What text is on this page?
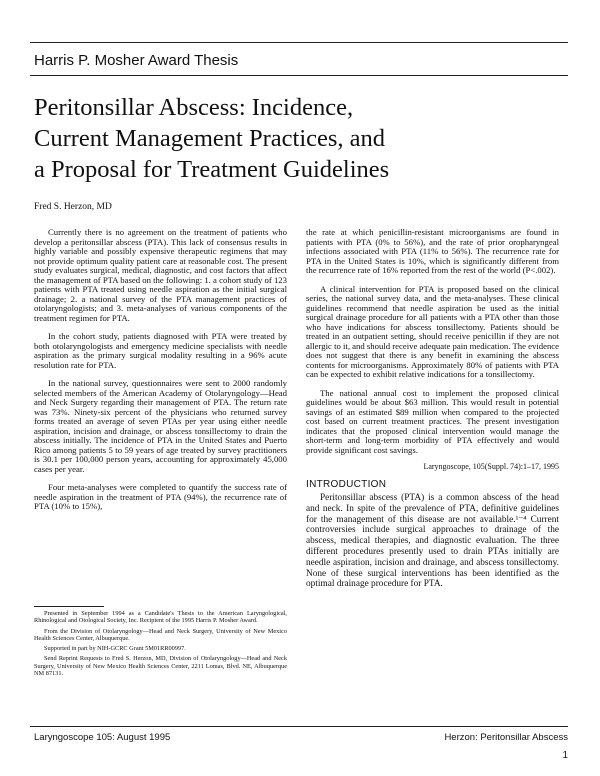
Harris P. Mosher Award Thesis
Peritonsillar Abscess: Incidence,
Current Management Practices, and
a Proposal for Treatment Guidelines
Fred S. Herzon, MD

Currently there is no agreement on the treatment of patients who develop a peritonsillar abscess (PTA). This lack of consensus results in highly variable and possibly expensive therapeutic regimens that may not provide optimum quality patient care at reasonable cost. The present study evaluates surgical, medical, diagnostic, and cost factors that affect the management of PTA based on the following: 1. a cohort study of 123 patients with PTA treated using needle aspiration as the initial surgical drainage; 2. a national survey of the PTA management practices of otolaryngologists; and 3. meta-analyses of various components of the treatment regimen for PTA.

In the cohort study, patients diagnosed with PTA were treated by both otolaryngologists and emergency medicine specialists with needle aspiration as the primary surgical modality resulting in a 96% acute resolution rate for PTA.

In the national survey, questionnaires were sent to 2000 randomly selected members of the American Academy of Otolaryngology—Head and Neck Surgery regarding their management of PTA. The return rate was 73%. Ninety-six percent of the physicians who returned survey forms treated an average of seven PTAs per year using either needle aspiration, incision and drainage, or abscess tonsillectomy to drain the abscess initially. The incidence of PTA in the United States and Puerto Rico among patients 5 to 59 years of age treated by survey practitioners is 30.1 per 100,000 person years, accounting for approximately 45,000 cases per year.

Four meta-analyses were completed to quantify the success rate of needle aspiration in the treatment of PTA (94%), the recurrence rate of PTA (10% to 15%),

the rate at which penicillin-resistant microorganisms are found in patients with PTA (0% to 56%), and the rate of prior oropharyngeal infections associated with PTA (11% to 56%). The recurrence rate for PTA in the United States is 10%, which is significantly different from the recurrence rate of 16% reported from the rest of the world (P<.002).

A clinical intervention for PTA is proposed based on the clinical series, the national survey data, and the meta-analyses. These clinical guidelines recommend that needle aspiration be used as the initial surgical drainage procedure for all patients with a PTA other than those who have indications for abscess tonsillectomy. Patients should be treated in an outpatient setting, should receive penicillin if they are not allergic to it, and should receive adequate pain medication. The evidence does not suggest that there is any benefit in examining the abscess contents for microorganisms. Approximately 80% of patients with PTA can be expected to exhibit relative indications for a tonsillectomy.

The national annual cost to implement the proposed clinical guidelines would be about $63 million. This would result in potential savings of an estimated $89 million when compared to the projected cost based on current treatment practices. The present investigation indicates that the proposed clinical intervention would manage the short-term and long-term morbidity of PTA effectively and would provide significant cost savings.

Laryngoscope, 105(Suppl. 74):1–17, 1995
INTRODUCTION

Peritonsillar abscess (PTA) is a common abscess of the head and neck. In spite of the prevalence of PTA, definitive guidelines for the management of this disease are not available.¹⁻⁴ Current controversies include surgical approaches to drainage of the abscess, medical therapies, and diagnostic evaluation. The three different procedures presently used to drain PTAs initially are needle aspiration, incision and drainage, and abscess tonsillectomy. None of these surgical interventions has been identified as the optimal drainage procedure for PTA.

Presented in September 1994 as a Candidate's Thesis to the American Laryngological, Rhinological and Otological Society, Inc. Recipient of the 1995 Harris P. Mosher Award.

From the Division of Otolaryngology—Head and Neck Surgery, University of New Mexico Health Sciences Center, Albuquerque.

Supported in part by NIH-GCRC Grant 5M01RR00997.

Send Reprint Requests to Fred S. Herzon, MD, Division of Otolaryngology—Head and Neck Surgery, University of New Mexico Health Sciences Center, 2211 Lomas, Blvd. NE, Albuquerque NM 87131.

Laryngoscope 105: August 1995	Herzon: Peritonsillar Abscess
1
